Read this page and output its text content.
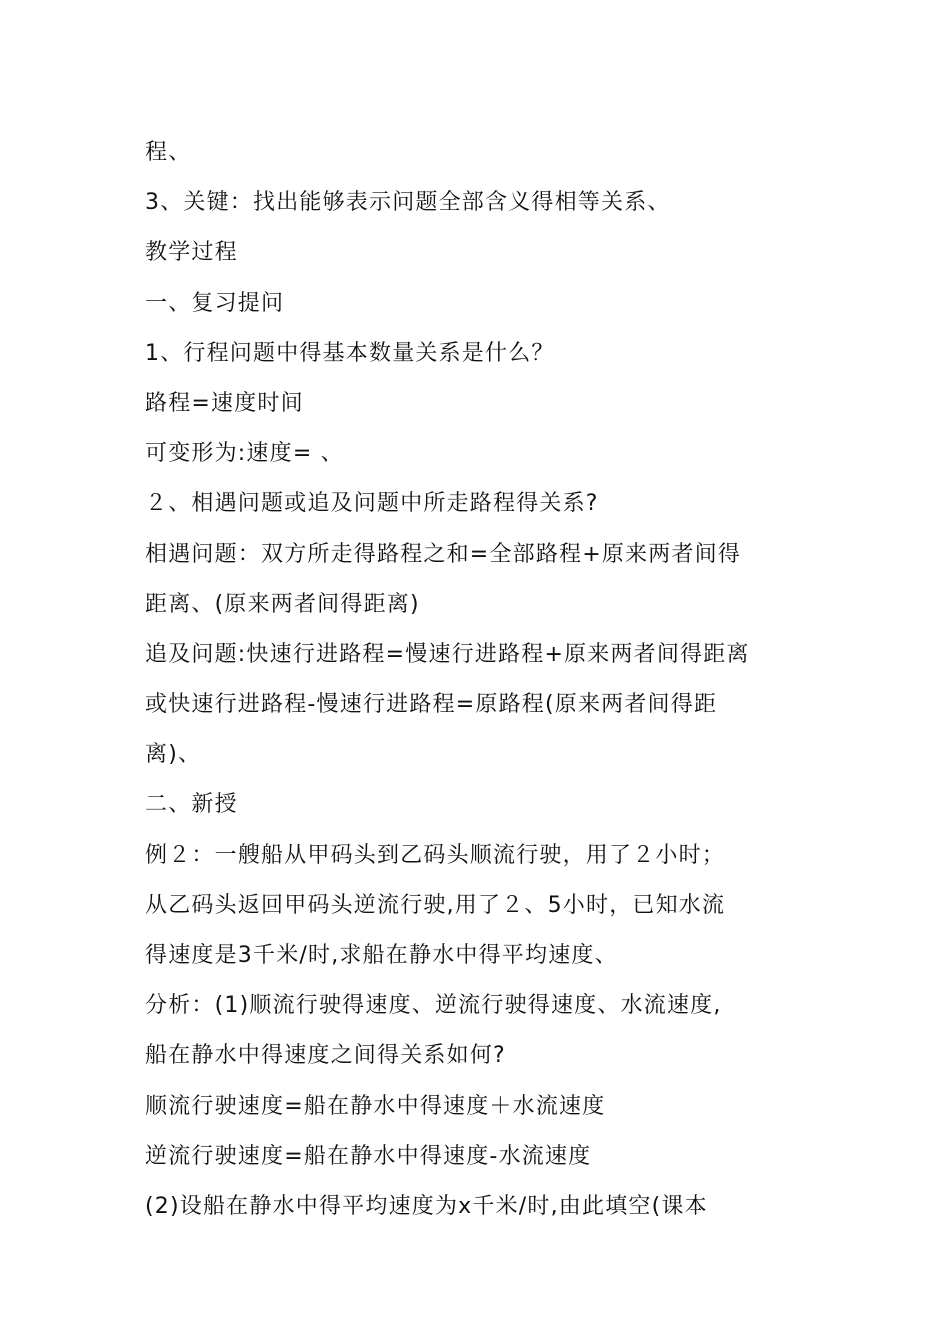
程、
3、关键：找出能够表示问题全部含义得相等关系、
教学过程
一、复习提问
1、行程问题中得基本数量关系是什么？
路程=速度时间
可变形为:速度= 、
２、相遇问题或追及问题中所走路程得关系?
相遇问题：双方所走得路程之和=全部路程+原来两者间得
距离、(原来两者间得距离)
追及问题:快速行进路程=慢速行进路程+原来两者间得距离
或快速行进路程-慢速行进路程=原路程(原来两者间得距
离)、
二、新授
例２：一艘船从甲码头到乙码头顺流行驶，用了２小时；
从乙码头返回甲码头逆流行驶,用了２、5小时，已知水流
得速度是3千米/时,求船在静水中得平均速度、
分析：(1)顺流行驶得速度、逆流行驶得速度、水流速度,
船在静水中得速度之间得关系如何?
顺流行驶速度=船在静水中得速度＋水流速度
逆流行驶速度=船在静水中得速度-水流速度
(2)设船在静水中得平均速度为x千米/时,由此填空(课本
